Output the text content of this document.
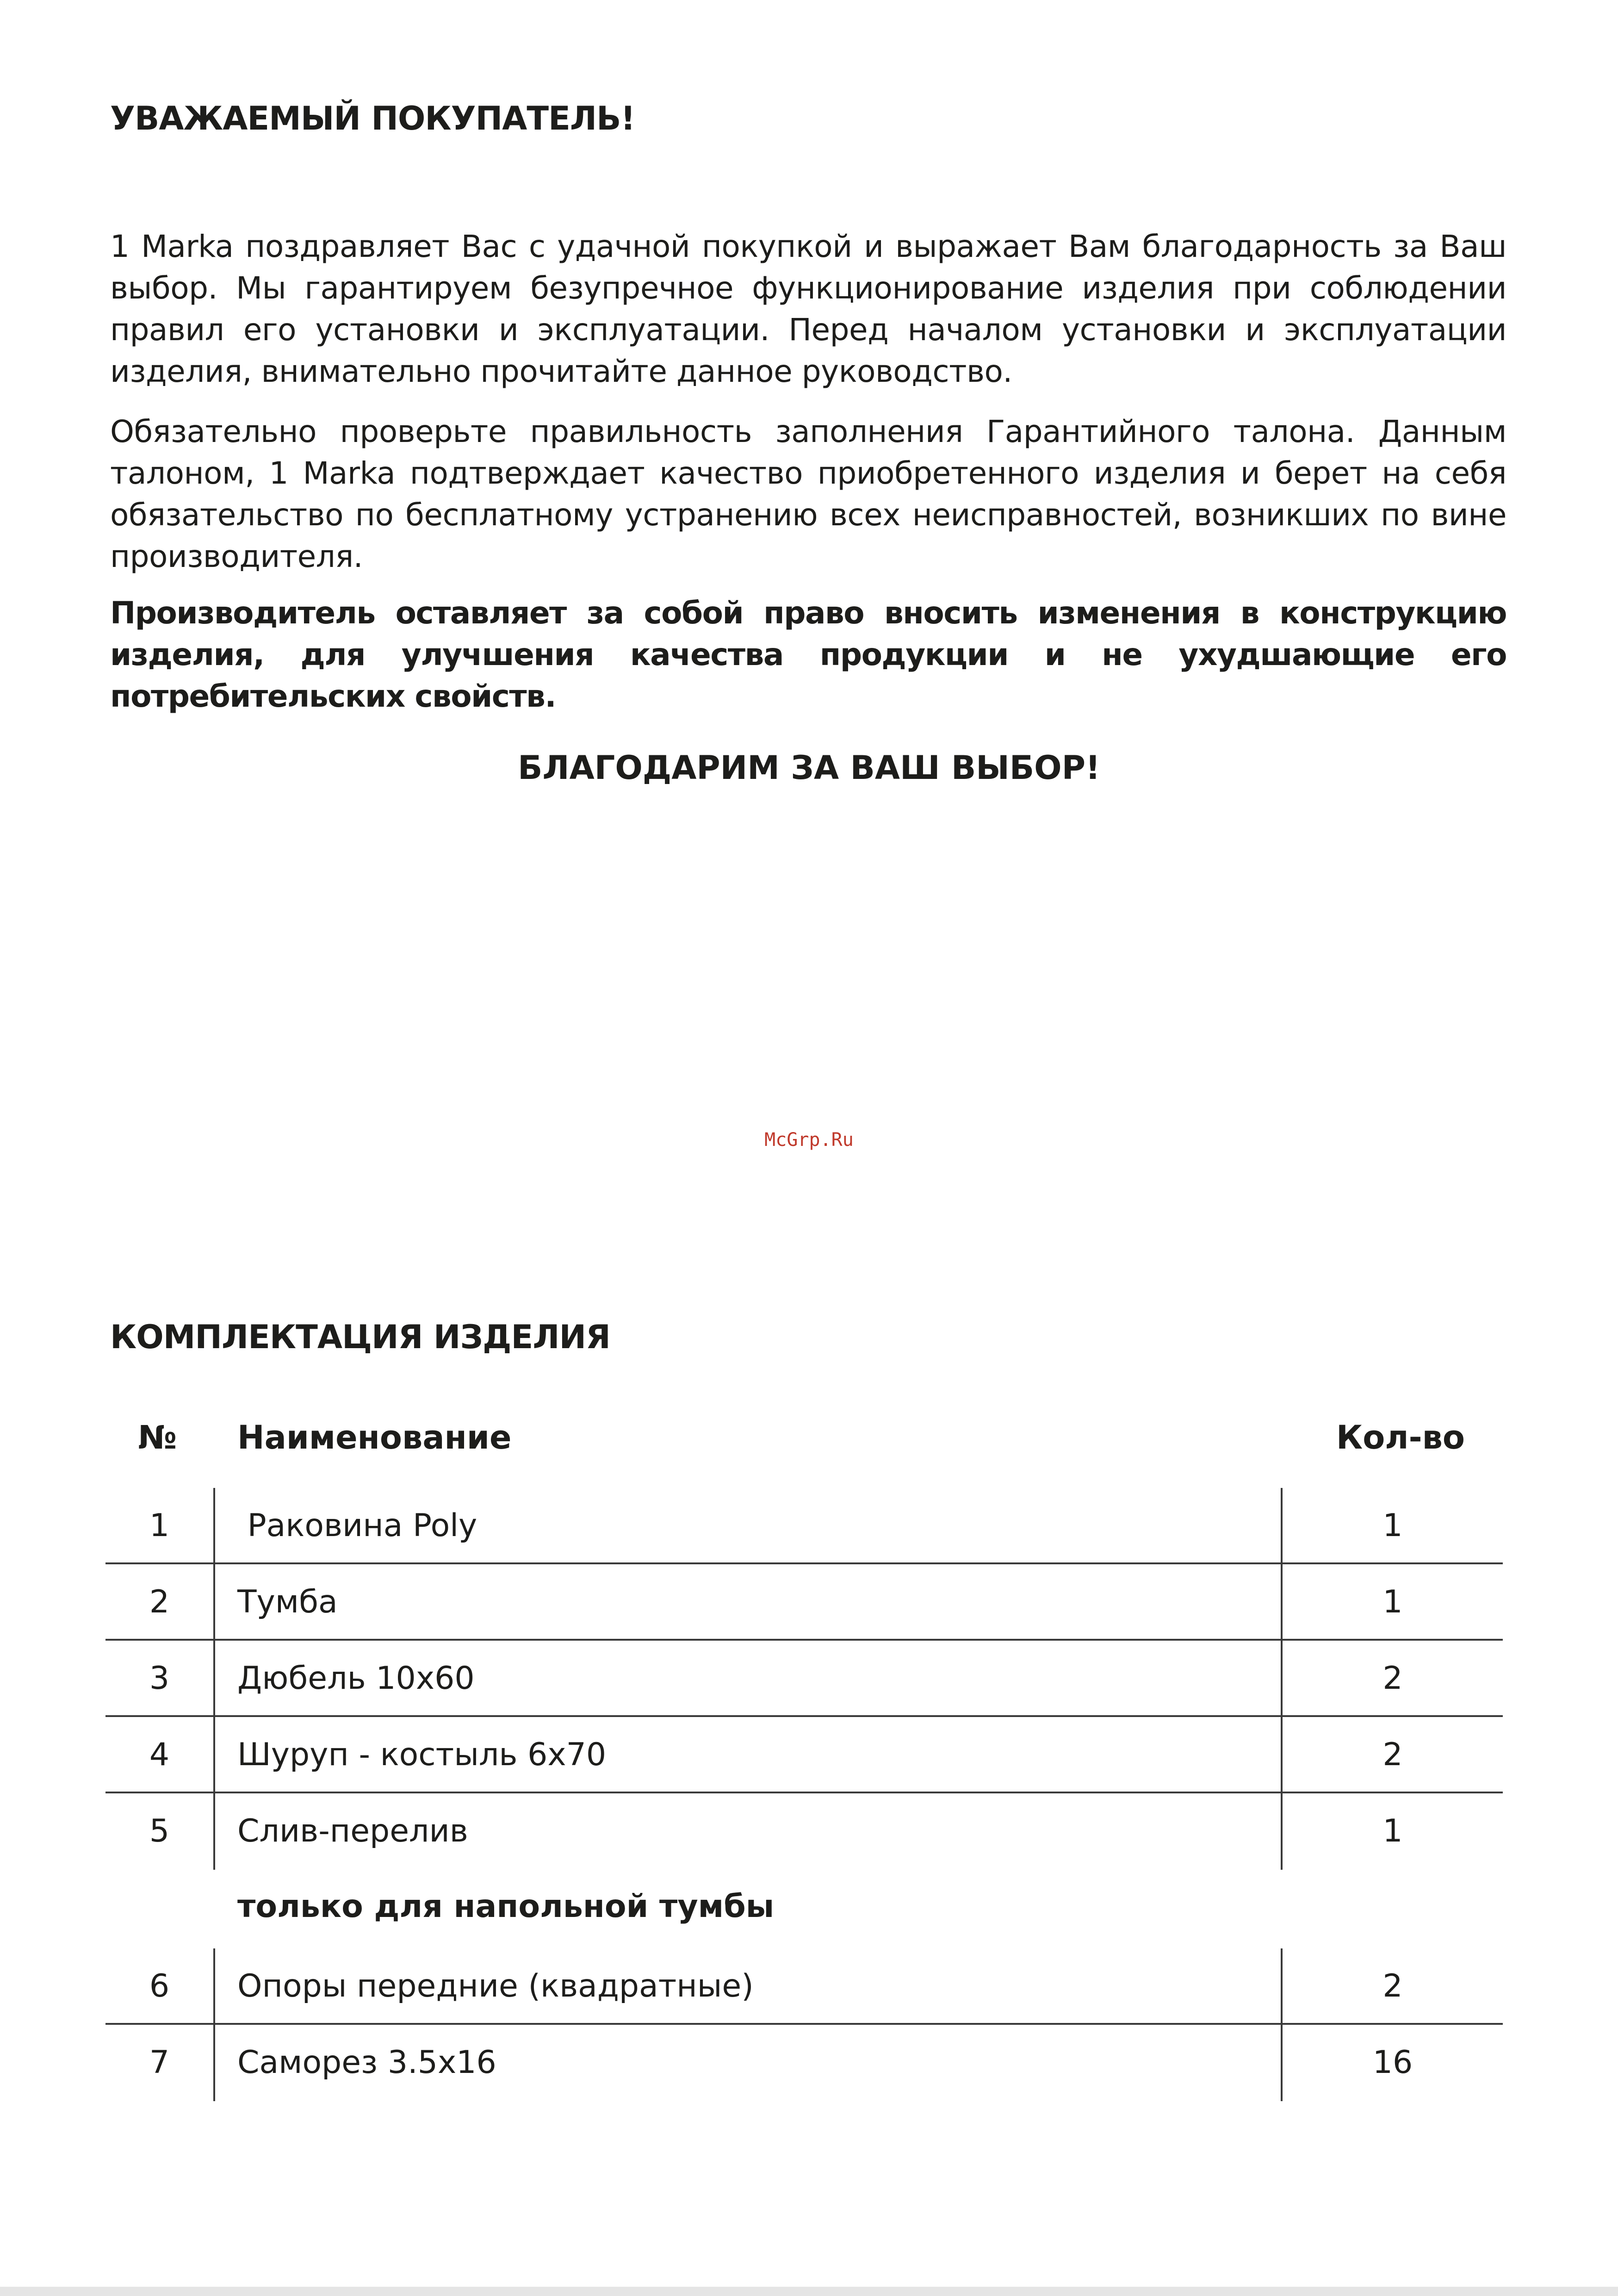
УВАЖАЕМЫЙ ПОКУПАТЕЛЬ!

1 Marka поздравляет Вас с удачной покупкой и выражает Вам благодарность за Ваш выбор. Мы гарантируем безупречное функционирование изделия при соблюдении правил его установки и эксплуатации. Перед началом установки и эксплуатации изделия, внимательно прочитайте данное руководство.

Обязательно проверьте правильность заполнения Гарантийного талона. Данным талоном, 1 Marka подтверждает качество приобретенного изделия и берет на себя обязательство по бесплатному устранению всех неисправностей, возникших по вине производителя.

Производитель оставляет за собой право вносить изменения в конструкцию изделия, для улучшения качества продукции и не ухудшающие его потребительских свойств.

БЛАГОДАРИМ ЗА ВАШ ВЫБОР!
McGrp.Ru
КОМПЛЕКТАЦИЯ ИЗДЕЛИЯ
№ Наименование	Кол-во
1	Раковина Poly	1
2	Тумба	1
3	Дюбель 10х60	2
4	Шуруп - костыль 6х70	2
5	Слив-перелив	1
только для напольной тумбы
6	Опоры передние (квадратные)	2
7	Саморез 3.5х16	16
